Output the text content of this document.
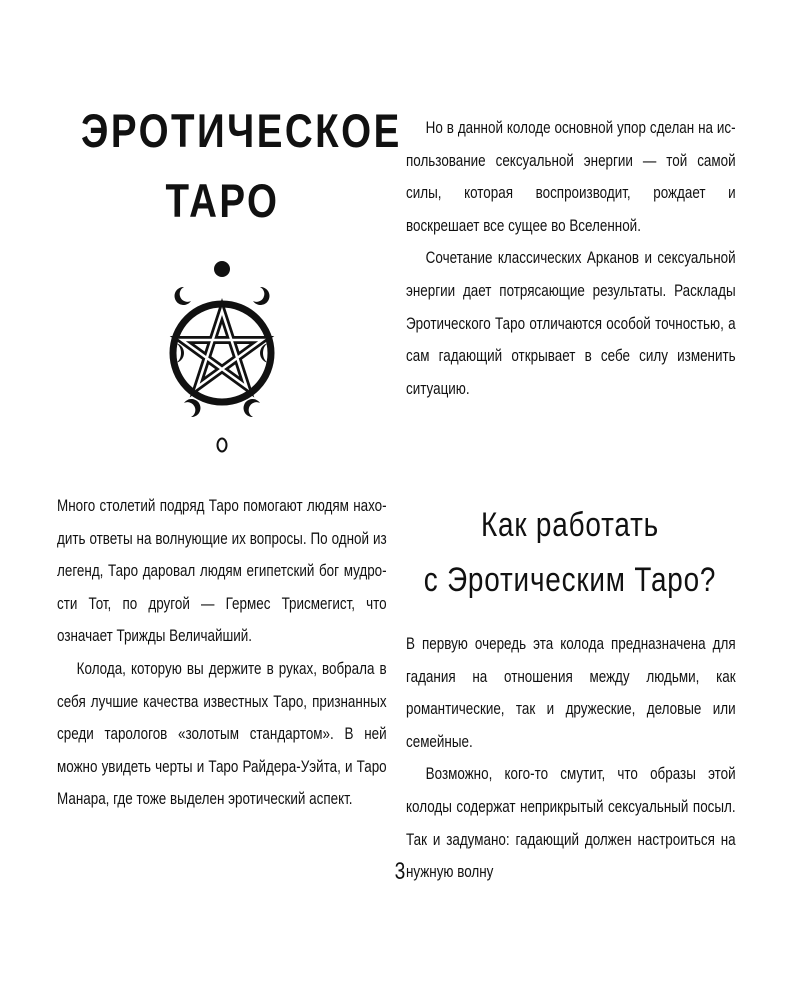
ЭРОТИЧЕСКОЕ
ТАРО

Но в данной колоде основной упор сделан на использование сексуальной энергии — той самой силы, которая воспроизводит, рождает и воскрешает все сущее во Вселенной.

Сочетание классических Арканов и сексуальной энергии дает потрясающие результаты. Расклады Эротического Таро отличаются особой точностью, а сам гадающий открывает в себе силу изменить ситуацию.

Много столетий подряд Таро помогают людям находить ответы на волнующие их вопросы. По одной из легенд, Таро даровал людям египетский бог мудрости Тот, по другой — Гермес Трисмегист, что означает Трижды Величайший.

Колода, которую вы держите в руках, вобрала в себя лучшие качества известных Таро, признанных среди тарологов «золотым стандартом». В ней можно увидеть черты и Таро Райдера-Уэйта, и Таро Манара, где тоже выделен эротический аспект.

Как работать
с Эротическим Таро?

В первую очередь эта колода предназначена для гадания на отношения между людьми, как романтические, так и дружеские, деловые или семейные.

Возможно, кого-то смутит, что образы этой колоды содержат неприкрытый сексуальный посыл. Так и задумано: гадающий должен настроиться на нужную волну

3
